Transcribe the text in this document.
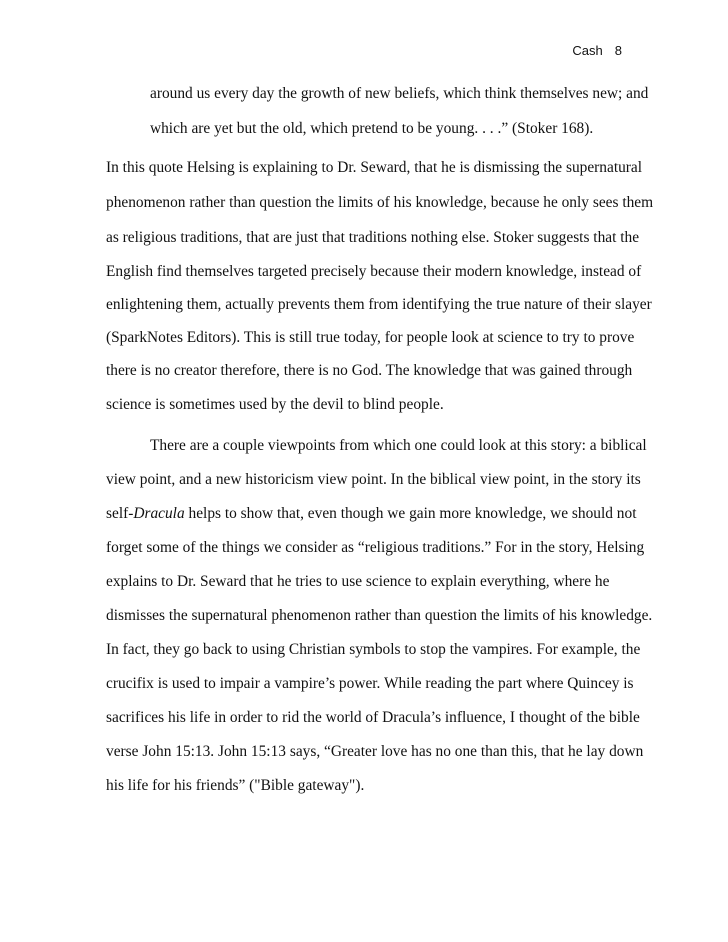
Cash 8
around us every day the growth of new beliefs, which think themselves new; and
which are yet but the old, which pretend to be young. . . .” (Stoker 168).
In this quote Helsing is explaining to Dr. Seward, that he is dismissing the supernatural
phenomenon rather than question the limits of his knowledge, because he only sees them
as religious traditions, that are just that traditions nothing else. Stoker suggests that the
English find themselves targeted precisely because their modern knowledge, instead of
enlightening them, actually prevents them from identifying the true nature of their slayer
(SparkNotes Editors). This is still true today, for people look at science to try to prove
there is no creator therefore, there is no God. The knowledge that was gained through
science is sometimes used by the devil to blind people.
There are a couple viewpoints from which one could look at this story: a biblical
view point, and a new historicism view point. In the biblical view point, in the story its
self-Dracula helps to show that, even though we gain more knowledge, we should not
forget some of the things we consider as “religious traditions.” For in the story, Helsing
explains to Dr. Seward that he tries to use science to explain everything, where he
dismisses the supernatural phenomenon rather than question the limits of his knowledge.
In fact, they go back to using Christian symbols to stop the vampires. For example, the
crucifix is used to impair a vampire’s power. While reading the part where Quincey is
sacrifices his life in order to rid the world of Dracula’s influence, I thought of the bible
verse John 15:13. John 15:13 says, “Greater love has no one than this, that he lay down
his life for his friends” ("Bible gateway").
